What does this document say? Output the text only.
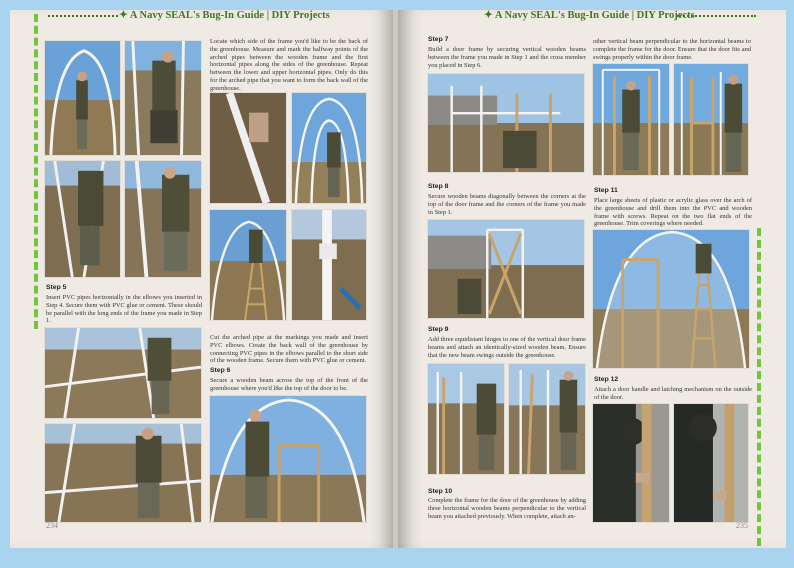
✦ A Navy SEAL's Bug-In Guide | DIY Projects
Locate which side of the frame you'd like to be the back of the greenhouse. Measure and mark the halfway points of the arched pipes between the wooden frame and the first horizontal pipes along the sides of the greenhouse. Repeat between the lower and upper horizontal pipes. Only do this for the arched pipe that you want to form the back wall of the greenhouse.
Step 5
Insert PVC pipes horizontally in the elbows you inserted in Step 4. Secure them with PVC glue or cement. These should be parallel with the long ends of the frame you made in Step 1.
Cut the arched pipe at the markings you made and insert PVC elbows. Create the back wall of the greenhouse by connecting PVC pipes in the elbows parallel to the short side of the wooden frame. Secure them with PVC glue or cement.
Step 6
Secure a wooden beam across the top of the front of the greenhouse where you'd like the top of the door to be.
234
✦ A Navy SEAL's Bug-In Guide | DIY Projects
Step 7
Build a door frame by securing vertical wooden beams between the frame you made in Step 1 and the cross member you placed in Step 6.
other vertical beam perpendicular to the horizontal beams to complete the frame for the door. Ensure that the door fits and swings properly within the door frame.
Step 8
Secure wooden beams diagonally between the corners at the top of the door frame and the corners of the frame you made in Step 1.
Step 11
Place large sheets of plastic or acrylic glass over the arch of the greenhouse and drill them into the PVC and wooden frame with screws. Repeat on the two flat ends of the greenhouse. Trim coverings where needed.
Step 9
Add three equidistant hinges to one of the vertical door frame beams and attach an identically-sized wooden beam. Ensure that the new beam swings outside the greenhouse.
Step 12
Attach a door handle and latching mechanism on the outside of the door.
Step 10
Complete the frame for the door of the greenhouse by adding three horizontal wooden beams perpendicular to the vertical beam you attached previously. When complete, attach an-
235
